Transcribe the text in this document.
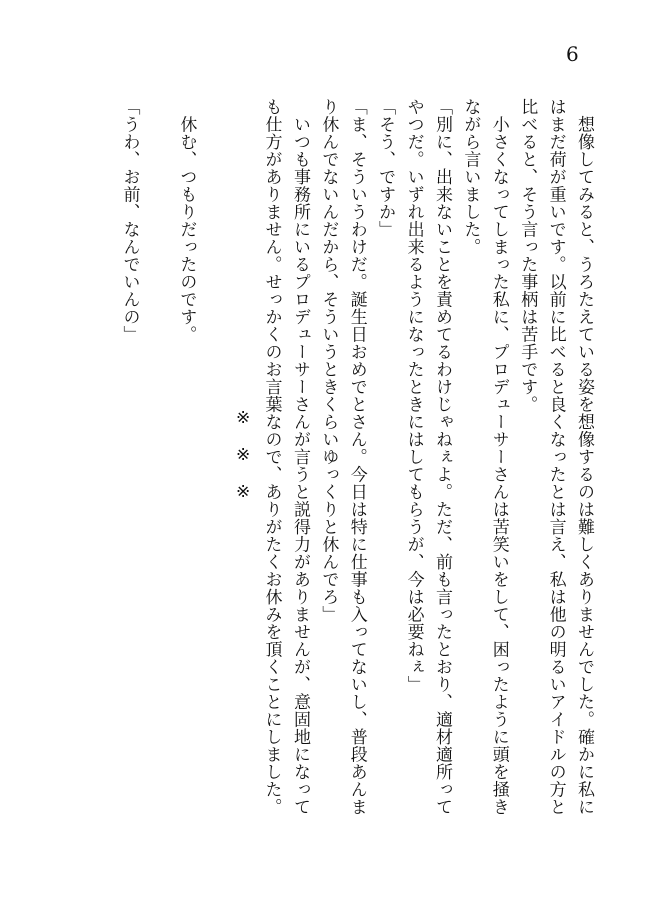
6

　想像してみると、うろたえている姿を想像するのは難しくありませんでした。確かに私に

はまだ荷が重いです。以前に比べると良くなったとは言え、私は他の明るいアイドルの方と

比べると、そう言った事柄は苦手です。

　小さくなってしまった私に、プロデューサーさんは苦笑いをして、困ったように頭を掻き

ながら言いました。

「別に、出来ないことを責めてるわけじゃねぇよ。ただ、前も言ったとおり、適材適所って

やつだ。いずれ出来るようになったときにはしてもらうが、今は必要ねぇ」

「そう、ですか」

「ま、そういうわけだ。誕生日おめでとさん。今日は特に仕事も入ってないし、普段あんま

り休んでないんだから、そういうときくらいゆっくりと休んでろ」

　いつも事務所にいるプロデューサーさんが言うと説得力がありませんが、意固地になって

も仕方がありません。せっかくのお言葉なので、ありがたくお休みを頂くことにしました。

※※※

　休む、つもりだったのです。

「うわ、お前、なんでいんの」
